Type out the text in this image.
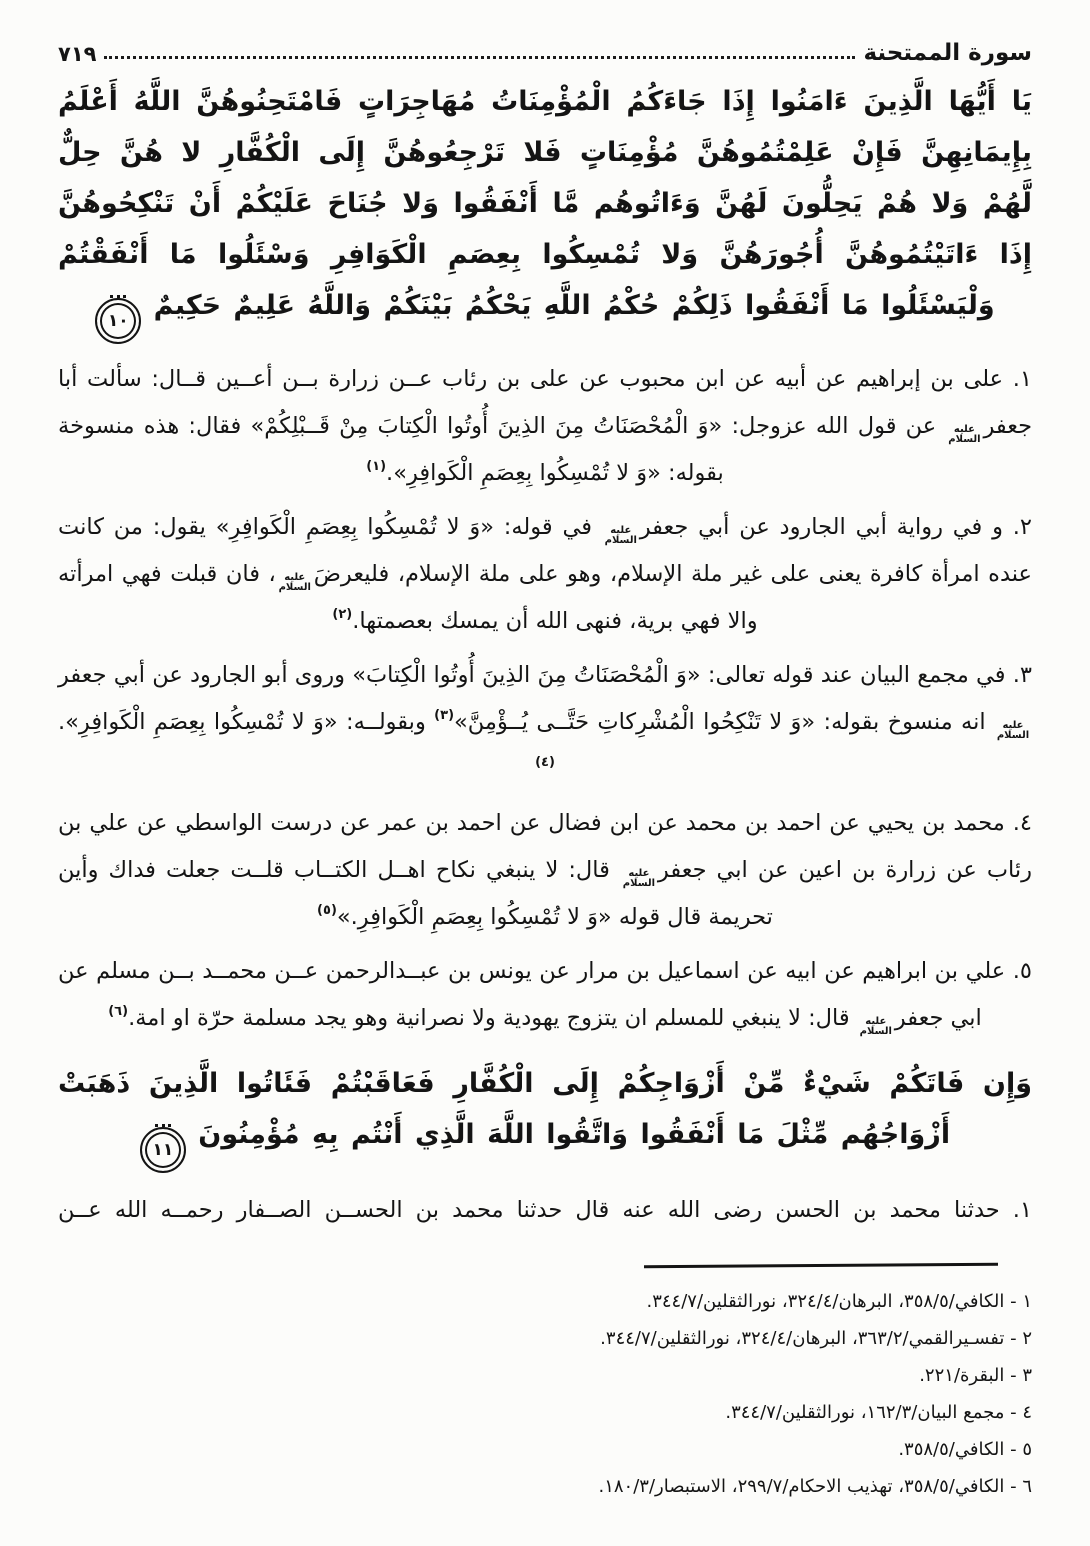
سورة الممتحنة
٧١٩
يَا أَيُّهَا الَّذِينَ ءَامَنُوا إِذَا جَاءَكُمُ الْمُؤْمِنَاتُ مُهَاجِرَاتٍ فَامْتَحِنُوهُنَّ اللَّهُ أَعْلَمُ بِإِيمَانِهِنَّ فَإِنْ عَلِمْتُمُوهُنَّ مُؤْمِنَاتٍ فَلا تَرْجِعُوهُنَّ إِلَى الْكُفَّارِ لا هُنَّ حِلٌّ لَّهُمْ وَلا هُمْ يَحِلُّونَ لَهُنَّ وَءَاتُوهُم مَّا أَنْفَقُوا وَلا جُنَاحَ عَلَيْكُمْ أَنْ تَنْكِحُوهُنَّ إِذَا ءَاتَيْتُمُوهُنَّ أُجُورَهُنَّ وَلا تُمْسِكُوا بِعِصَمِ الْكَوَافِرِ وَسْئَلُوا مَا أَنْفَقْتُمْ وَلْيَسْئَلُوا مَا أَنْفَقُوا ذَلِكُمْ حُكْمُ اللَّهِ يَحْكُمُ بَيْنَكُمْ وَاللَّهُ عَلِيمٌ حَكِيمٌ ١٠
١. على بن إبراهيم عن أبيه عن ابن محبوب عن على بن رئاب عــن زرارة بــن أعــين قــال: سألت أبا جعفرعليه السلام عن قول الله عزوجل: «وَ الْمُحْصَنَاتُ مِنَ الذِينَ أُوتُوا الْكِتابَ مِنْ قَــبْلِكُمْ» فقال: هذه منسوخة بقوله: «وَ لا تُمْسِكُوا بِعِصَمِ الْكَوافِرِ».$^{(١)}$
٢. و في رواية أبي الجارود عن أبي جعفرعليه السلام في قوله: «وَ لا تُمْسِكُوا بِعِصَمِ الْكَوافِرِ» يقول: من كانت عنده امرأة كافرة يعنى على غير ملة الإسلام، وهو على ملة الإسلام، فليعرضَعليه السلام، فان قبلت فهي امرأته والا فهي برية، فنهى الله أن يمسك بعصمتها.$^{(٢)}$
٣. في مجمع البيان عند قوله تعالى: «وَ الْمُحْصَنَاتُ مِنَ الذِينَ أُوتُوا الْكِتابَ» وروى أبو الجارود عن أبي جعفرعليه السلام انه منسوخ بقوله: «وَ لا تَنْكِحُوا الْمُشْرِكاتِ حَتَّــى يُــؤْمِنَّ»$^{(٣)}$ وبقولــه: «وَ لا تُمْسِكُوا بِعِصَمِ الْكَوافِرِ».$^{(٤)}$
٤. محمد بن يحيي عن احمد بن محمد عن ابن فضال عن احمد بن عمر عن درست الواسطي عن علي بن رئاب عن زرارة بن اعين عن ابي جعفرعليه السلام قال: لا ينبغي نكاح اهــل الكتــاب قلــت جعلت فداك وأين تحريمة قال قوله «وَ لا تُمْسِكُوا بِعِصَمِ الْكَوافِرِ.»$^{(٥)}$
٥. علي بن ابراهيم عن ابيه عن اسماعيل بن مرار عن يونس بن عبــدالرحمن عــن محمــد بــن مسلم عن ابي جعفرعليه السلام قال: لا ينبغي للمسلم ان يتزوج يهودية ولا نصرانية وهو يجد مسلمة حرّة او امة.$^{(٦)}$
وَإِن فَاتَكُمْ شَيْءٌ مِّنْ أَزْوَاجِكُمْ إِلَى الْكُفَّارِ فَعَاقَبْتُمْ فَئَاتُوا الَّذِينَ ذَهَبَتْ أَزْوَاجُهُم مِّثْلَ مَا أَنْفَقُوا وَاتَّقُوا اللَّهَ الَّذِي أَنْتُم بِهِ مُؤْمِنُونَ ١١
١. حدثنا محمد بن الحسن رضى الله عنه قال حدثنا محمد بن الحســن الصــفار رحمــه الله عــن
١ - الكافي/٣٥٨/٥، البرهان/٣٢٤/٤، نورالثقلين/٣٤٤/٧.
٢ - تفسـيرالقمي/٣٦٣/٢، البرهان/٣٢٤/٤، نورالثقلين/٣٤٤/٧.
٣ - البقرة/٢٢١.
٤ - مجمع البيان/١٦٢/٣، نورالثقلين/٣٤٤/٧.
٥ - الكافي/٣٥٨/٥.
٦ - الكافي/٣٥٨/٥، تهذيب الاحكام/٢٩٩/٧، الاستبصار/١٨٠/٣.
